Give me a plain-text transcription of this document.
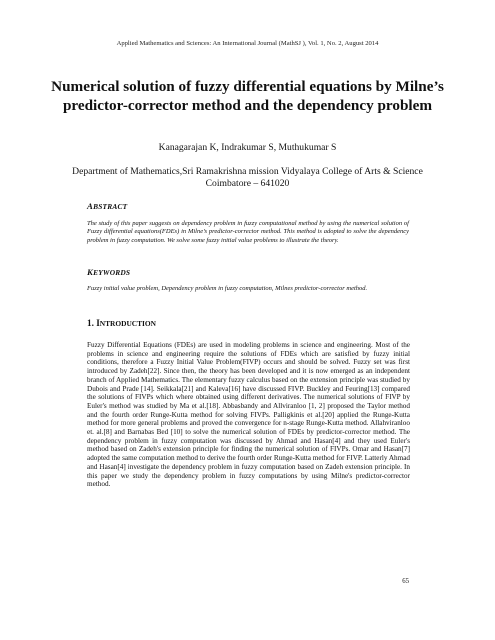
Applied Mathematics and Sciences: An International Journal (MathSJ ), Vol. 1, No. 2, August 2014
Numerical solution of fuzzy differential equations by Milne’s predictor-corrector method and the dependency problem
Kanagarajan K, Indrakumar S, Muthukumar S
Department of Mathematics,Sri Ramakrishna mission Vidyalaya College of Arts & Science Coimbatore – 641020
ABSTRACT

The study of this paper suggests on dependency problem in fuzzy computational method by using the numerical solution of Fuzzy differential equations(FDEs) in Milne’s predictor-corrector method. This method is adopted to solve the dependency problem in fuzzy computation. We solve some fuzzy initial value problems to illustrate the theory.

KEYWORDS

Fuzzy initial value problem, Dependency problem in fuzzy computation, Milnes predictor-corrector method.

1. INTRODUCTION

Fuzzy Differential Equations (FDEs) are used in modeling problems in science and engineering. Most of the problems in science and engineering require the solutions of FDEs which are satisfied by fuzzy initial conditions, therefore a Fuzzy Initial Value Problem(FIVP) occurs and should be solved. Fuzzy set was first introduced by Zadeh[22]. Since then, the theory has been developed and it is now emerged as an independent branch of Applied Mathematics. The elementary fuzzy calculus based on the extension principle was studied by Dubois and Prade [14]. Seikkala[21] and Kaleva[16] have discussed FIVP. Buckley and Feuring[13] compared the solutions of FIVPs which where obtained using different derivatives. The numerical solutions of FIVP by Euler's method was studied by Ma et al.[18]. Abbasbandy and Allviranloo [1, 2] proposed the Taylor method and the fourth order Runge-Kutta method for solving FIVPs. Palligkinis et al.[20] applied the Runge-Kutta method for more general problems and proved the convergence for n-stage Runge-Kutta method. Allahviranloo et. al.[8] and Barnabas Bed [10] to solve the numerical solution of FDEs by predictor-corrector method. The dependency problem in fuzzy computation was discussed by Ahmad and Hasan[4] and they used Euler's method based on Zadeh's extension principle for finding the numerical solution of FIVPs. Omar and Hasan[7] adopted the same computation method to derive the fourth order Runge-Kutta method for FIVP. Latterly Ahmad and Hasan[4] investigate the dependency problem in fuzzy computation based on Zadeh extension principle. In this paper we study the dependency problem in fuzzy computations by using Milne's predictor-corrector method.

65
